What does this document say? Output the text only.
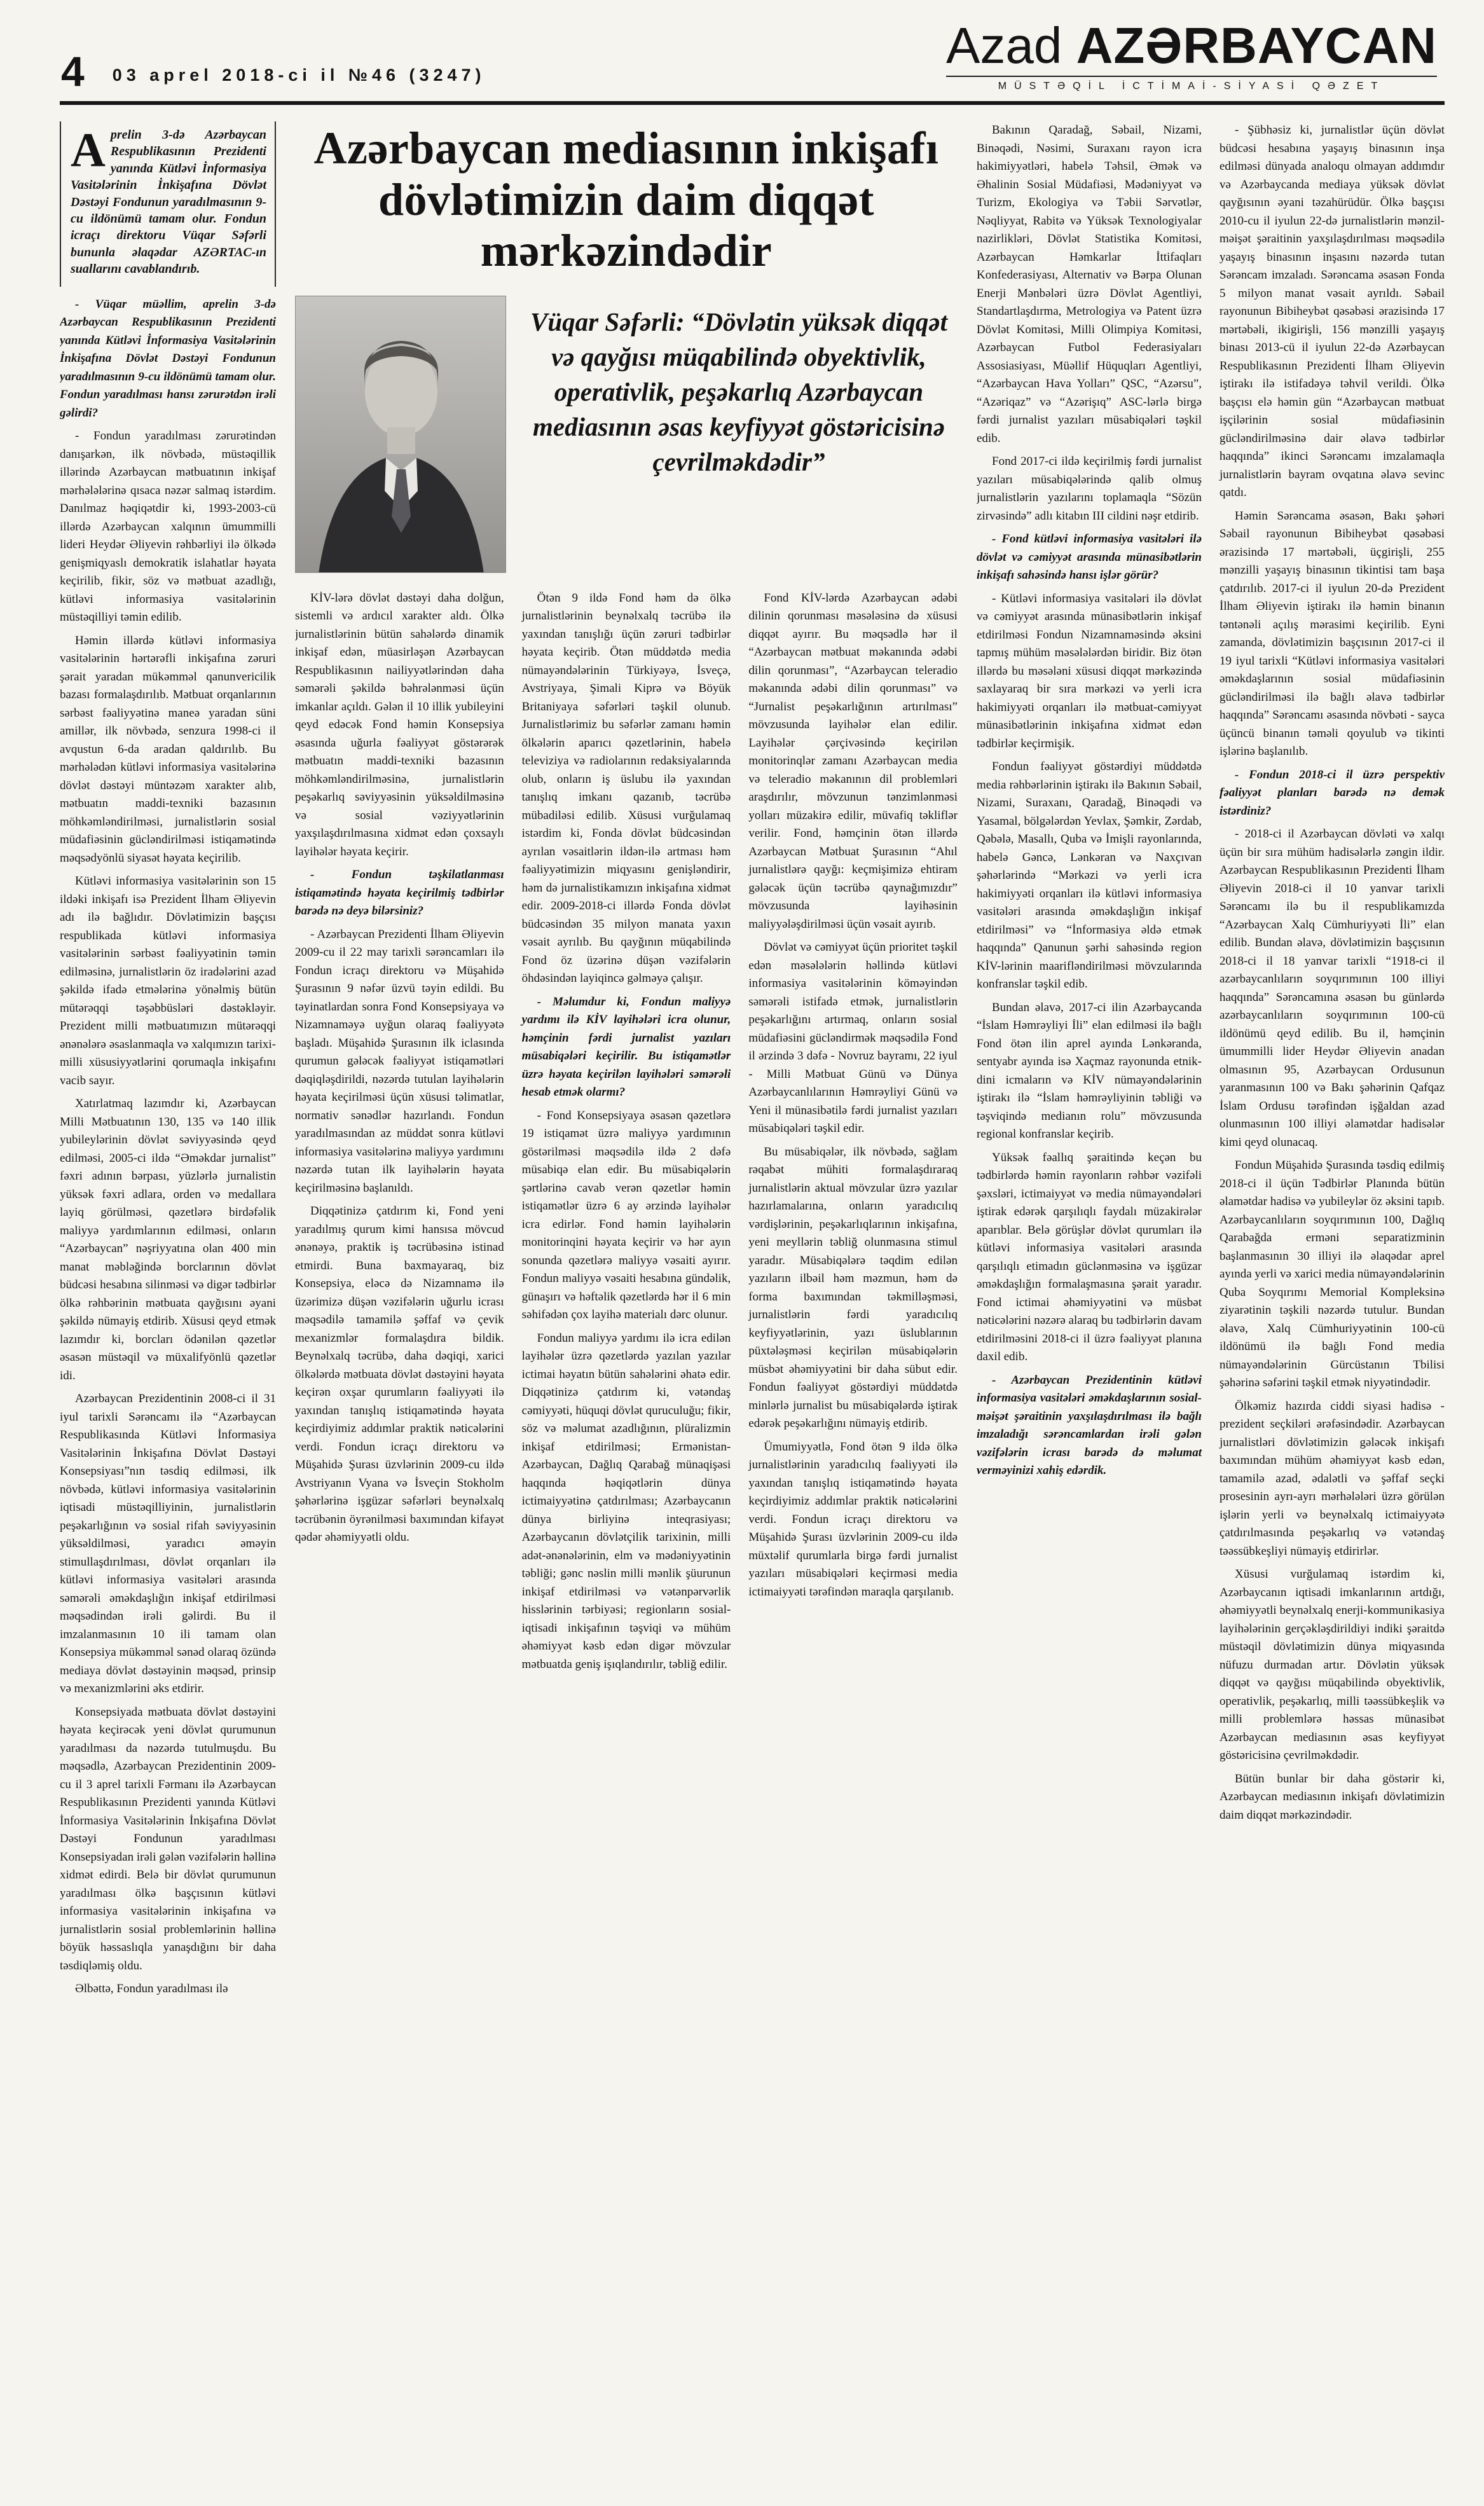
4 03 aprel 2018-ci il №46 (3247)
Azad AZƏRBAYCAN
MÜSTƏQİL İCTİMAİ-SİYASİ QƏZET
Aprelin 3-də Azərbaycan Respublikasının Prezidenti yanında Kütləvi İnformasiya Vasitələrinin İnkişafına Dövlət Dəstəyi Fondunun yaradılmasının 9-cu ildönümü tamam olur. Fondun icraçı direktoru Vüqar Səfərli bununla əlaqədar AZƏRTAC-ın suallarını cavablandırıb.

- Vüqar müəllim, aprelin 3-də Azərbaycan Respublikasının Prezidenti yanında Kütləvi İnformasiya Vasitələrinin İnkişafına Dövlət Dəstəyi Fondunun yaradılmasının 9-cu ildönümü tamam olur. Fondun yaradılması hansı zərurətdən irəli gəlirdi?

- Fondun yaradılması zərurətindən danışarkən, ilk növbədə, müstəqillik illərində Azərbaycan mətbuatının inkişaf mərhələlərinə qısaca nəzər salmaq istərdim. Danılmaz həqiqətdir ki, 1993-2003-cü illərdə Azərbaycan xalqının ümummilli lideri Heydər Əliyevin rəhbərliyi ilə ölkədə genişmiqyaslı demokratik islahatlar həyata keçirilib, fikir, söz və mətbuat azadlığı, kütləvi informasiya vasitələrinin müstəqilliyi təmin edilib.

Həmin illərdə kütləvi informasiya vasitələrinin hərtərəfli inkişafına zəruri şərait yaradan mükəmməl qanunvericilik bazası formalaşdırılıb. Mətbuat orqanlarının sərbəst fəaliyyətinə maneə yaradan süni amillər, ilk növbədə, senzura 1998-ci il avqustun 6-da aradan qaldırılıb. Bu mərhələdən kütləvi informasiya vasitələrinə dövlət dəstəyi müntəzəm xarakter alıb, mətbuatın maddi-texniki bazasının möhkəmləndirilməsi, jurnalistlərin sosial müdafiəsinin gücləndirilməsi istiqamətində məqsədyönlü siyasət həyata keçirilib.

Kütləvi informasiya vasitələrinin son 15 ildəki inkişafı isə Prezident İlham Əliyevin adı ilə bağlıdır. Dövlətimizin başçısı respublikada kütləvi informasiya vasitələrinin sərbəst fəaliyyətinin təmin edilməsinə, jurnalistlərin öz iradələrini azad şəkildə ifadə etmələrinə yönəlmiş bütün mütərəqqi təşəbbüsləri dəstəkləyir. Prezident milli mətbuatımızın mütərəqqi ənənələrə əsaslanmaqla və xalqımızın tarixi-milli xüsusiyyətlərini qorumaqla inkişafını vacib sayır.

Xatırlatmaq lazımdır ki, Azərbaycan Milli Mətbuatının 130, 135 və 140 illik yubileylərinin dövlət səviyyəsində qeyd edilməsi, 2005-ci ildə “Əməkdar jurnalist” fəxri adının bərpası, yüzlərlə jurnalistin yüksək fəxri adlara, orden və medallara layiq görülməsi, qəzetlərə birdəfəlik maliyyə yardımlarının edilməsi, onların “Azərbaycan” nəşriyyatına olan 400 min manat məbləğində borclarının dövlət büdcəsi hesabına silinməsi və digər tədbirlər ölkə rəhbərinin mətbuata qayğısını əyani şəkildə nümayiş etdirib. Xüsusi qeyd etmək lazımdır ki, borcları ödənilən qəzetlər əsasən müstəqil və müxalifyönlü qəzetlər idi.

Azərbaycan Prezidentinin 2008-ci il 31 iyul tarixli Sərəncamı ilə “Azərbaycan Respublikasında Kütləvi İnformasiya Vasitələrinin İnkişafına Dövlət Dəstəyi Konsepsiyası”nın təsdiq edilməsi, ilk növbədə, kütləvi informasiya vasitələrinin iqtisadi müstəqilliyinin, jurnalistlərin peşəkarlığının və sosial rifah səviyyəsinin yüksəldilməsi, yaradıcı əməyin stimullaşdırılması, dövlət orqanları ilə kütləvi informasiya vasitələri arasında səmərəli əməkdaşlığın inkişaf etdirilməsi məqsədindən irəli gəlirdi. Bu il imzalanmasının 10 ili tamam olan Konsepsiya mükəmməl sənəd olaraq özündə mediaya dövlət dəstəyinin məqsəd, prinsip və mexanizmlərini əks etdirir.

Konsepsiyada mətbuata dövlət dəstəyini həyata keçirəcək yeni dövlət qurumunun yaradılması da nəzərdə tutulmuşdu. Bu məqsədlə, Azərbaycan Prezidentinin 2009-cu il 3 aprel tarixli Fərmanı ilə Azərbaycan Respublikasının Prezidenti yanında Kütləvi İnformasiya Vasitələrinin İnkişafına Dövlət Dəstəyi Fondunun yaradılması Konsepsiyadan irəli gələn vəzifələrin həllinə xidmət edirdi. Belə bir dövlət qurumunun yaradılması ölkə başçısının kütləvi informasiya vasitələrinin inkişafına və jurnalistlərin sosial problemlərinin həllinə böyük həssaslıqla yanaşdığını bir daha təsdiqləmiş oldu.

Əlbəttə, Fondun yaradılması ilə

Azərbaycan mediasının inkişafı dövlətimizin daim diqqət mərkəzindədir
Vüqar Səfərli: “Dövlətin yüksək diqqət və qayğısı müqabilində obyektivlik, operativlik, peşəkarlıq Azərbaycan mediasının əsas keyfiyyət göstəricisinə çevrilməkdədir”

KİV-lərə dövlət dəstəyi daha dolğun, sistemli və ardıcıl xarakter aldı. Ölkə jurnalistlərinin bütün sahələrdə dinamik inkişaf edən, müasirləşən Azərbaycan Respublikasının nailiyyətlərindən daha səmərəli şəkildə bəhrələnməsi üçün imkanlar açıldı. Gələn il 10 illik yubileyini qeyd edəcək Fond həmin Konsepsiya əsasında uğurla fəaliyyət göstərərək mətbuatın maddi-texniki bazasının möhkəmləndirilməsinə, jurnalistlərin peşəkarlıq səviyyəsinin yüksəldilməsinə və sosial vəziyyətlərinin yaxşılaşdırılmasına xidmət edən çoxsaylı layihələr həyata keçirir.

- Fondun təşkilatlanması istiqamətində həyata keçirilmiş tədbirlər barədə nə deyə bilərsiniz?

- Azərbaycan Prezidenti İlham Əliyevin 2009-cu il 22 may tarixli sərəncamları ilə Fondun icraçı direktoru və Müşahidə Şurasının 9 nəfər üzvü təyin edildi. Bu təyinatlardan sonra Fond Konsepsiyaya və Nizamnaməyə uyğun olaraq fəaliyyətə başladı. Müşahidə Şurasının ilk iclasında qurumun gələcək fəaliyyət istiqamətləri dəqiqləşdirildi, nəzərdə tutulan layihələrin həyata keçirilməsi üçün xüsusi təlimatlar, normativ sənədlər hazırlandı. Fondun yaradılmasından az müddət sonra kütləvi informasiya vasitələrinə maliyyə yardımını nəzərdə tutan ilk layihələrin həyata keçirilməsinə başlanıldı.

Diqqətinizə çatdırım ki, Fond yeni yaradılmış qurum kimi hansısa mövcud ənənəyə, praktik iş təcrübəsinə istinad etmirdi. Buna baxmayaraq, biz Konsepsiya, eləcə də Nizamnamə ilə üzərimizə düşən vəzifələrin uğurlu icrası məqsədilə tamamilə şəffaf və çevik mexanizmlər formalaşdıra bildik. Beynəlxalq təcrübə, daha dəqiqi, xarici ölkələrdə mətbuata dövlət dəstəyini həyata keçirən oxşar qurumların fəaliyyəti ilə yaxından tanışlıq istiqamətində həyata keçirdiyimiz addımlar praktik nəticələrini verdi. Fondun icraçı direktoru və Müşahidə Şurası üzvlərinin 2009-cu ildə Avstriyanın Vyana və İsveçin Stokholm şəhərlərinə işgüzar səfərləri beynəlxalq təcrübənin öyrənilməsi baxımından kifayət qədər əhəmiyyətli oldu.

Ötən 9 ildə Fond həm də ölkə jurnalistlərinin beynəlxalq təcrübə ilə yaxından tanışlığı üçün zəruri tədbirlər həyata keçirib. Ötən müddətdə media nümayəndələrinin Türkiyəyə, İsveçə, Avstriyaya, Şimali Kiprə və Böyük Britaniyaya səfərləri təşkil olunub. Jurnalistlərimiz bu səfərlər zamanı həmin ölkələrin aparıcı qəzetlərinin, habelə televiziya və radiolarının redaksiyalarında olub, onların iş üslubu ilə yaxından tanışlıq imkanı qazanıb, təcrübə mübadiləsi edilib. Xüsusi vurğulamaq istərdim ki, Fonda dövlət büdcəsindən ayrılan vəsaitlərin ildən-ilə artması həm fəaliyyətimizin miqyasını genişləndirir, həm də jurnalistikamızın inkişafına xidmət edir. 2009-2018-ci illərdə Fonda dövlət büdcəsindən 35 milyon manata yaxın vəsait ayrılıb. Bu qayğının müqabilində Fond öz üzərinə düşən vəzifələrin öhdəsindən layiqincə gəlməyə çalışır.

- Məlumdur ki, Fondun maliyyə yardımı ilə KİV layihələri icra olunur, həmçinin fərdi jurnalist yazıları müsabiqələri keçirilir. Bu istiqamətlər üzrə həyata keçirilən layihələri səmərəli hesab etmək olarmı?

- Fond Konsepsiyaya əsasən qəzetlərə 19 istiqamət üzrə maliyyə yardımının göstərilməsi məqsədilə ildə 2 dəfə müsabiqə elan edir. Bu müsabiqələrin şərtlərinə cavab verən qəzetlər həmin istiqamətlər üzrə 6 ay ərzində layihələr icra edirlər. Fond həmin layihələrin monitorinqini həyata keçirir və hər ayın sonunda qəzetlərə maliyyə vəsaiti ayırır. Fondun maliyyə vəsaiti hesabına gündəlik, günaşırı və həftəlik qəzetlərdə hər il 6 min səhifədən çox layihə materialı dərc olunur.

Fondun maliyyə yardımı ilə icra edilən layihələr üzrə qəzetlərdə yazılan yazılar ictimai həyatın bütün sahələrini əhatə edir. Diqqətinizə çatdırım ki, vətəndaş cəmiyyəti, hüquqi dövlət quruculuğu; fikir, söz və məlumat azadlığının, plüralizmin inkişaf etdirilməsi; Ermənistan-Azərbaycan, Dağlıq Qarabağ münaqişəsi haqqında həqiqətlərin dünya ictimaiyyətinə çatdırılması; Azərbaycanın dünya birliyinə inteqrasiyası; Azərbaycanın dövlətçilik tarixinin, milli adət-ənənələrinin, elm və mədəniyyətinin təbliği; gənc nəslin milli mənlik şüurunun inkişaf etdirilməsi və vətənpərvərlik hisslərinin tərbiyəsi; regionların sosial-iqtisadi inkişafının təşviqi və mühüm əhəmiyyət kəsb edən digər mövzular mətbuatda geniş işıqlandırılır, təbliğ edilir.

Fond KİV-lərdə Azərbaycan ədəbi dilinin qorunması məsələsinə də xüsusi diqqət ayırır. Bu məqsədlə hər il “Azərbaycan mətbuat məkanında ədəbi dilin qorunması”, “Azərbaycan teleradio məkanında ədəbi dilin qorunması” və “Jurnalist peşəkarlığının artırılması” mövzusunda layihələr elan edilir. Layihələr çərçivəsində keçirilən monitorinqlər zamanı Azərbaycan media və teleradio məkanının dil problemləri araşdırılır, mövzunun tənzimlənməsi yolları müzakirə edilir, müvafiq təkliflər verilir. Fond, həmçinin ötən illərdə Azərbaycan Mətbuat Şurasının “Ahıl jurnalistlərə qayğı: keçmişimizə ehtiram gələcək üçün təcrübə qaynağımızdır” mövzusunda layihəsinin maliyyələşdirilməsi üçün vəsait ayırıb.

Dövlət və cəmiyyət üçün prioritet təşkil edən məsələlərin həllində kütləvi informasiya vasitələrinin köməyindən səmərəli istifadə etmək, jurnalistlərin peşəkarlığını artırmaq, onların sosial müdafiəsini gücləndirmək məqsədilə Fond il ərzində 3 dəfə - Novruz bayramı, 22 iyul - Milli Mətbuat Günü və Dünya Azərbaycanlılarının Həmrəyliyi Günü və Yeni il münasibətilə fərdi jurnalist yazıları müsabiqələri təşkil edir.

Bu müsabiqələr, ilk növbədə, sağlam rəqabət mühiti formalaşdıraraq jurnalistlərin aktual mövzular üzrə yazılar hazırlamalarına, onların yaradıcılıq vərdişlərinin, peşəkarlıqlarının inkişafına, yeni meyllərin təbliğ olunmasına stimul yaradır. Müsabiqələrə təqdim edilən yazıların ilbəil həm məzmun, həm də forma baxımından təkmilləşməsi, jurnalistlərin fərdi yaradıcılıq keyfiyyətlərinin, yazı üslublarının püxtələşməsi keçirilən müsabiqələrin müsbət əhəmiyyətini bir daha sübut edir. Fondun fəaliyyət göstərdiyi müddətdə minlərlə jurnalist bu müsabiqələrdə iştirak edərək peşəkarlığını nümayiş etdirib.

Ümumiyyətlə, Fond ötən 9 ildə ölkə jurnalistlərinin yaradıcılıq fəaliyyəti ilə yaxından tanışlıq istiqamətində həyata keçirdiyimiz addımlar praktik nəticələrini verdi. Fondun icraçı direktoru və Müşahidə Şurası üzvlərinin 2009-cu ildə müxtəlif qurumlarla birgə fərdi jurnalist yazıları müsabiqələri keçirməsi media ictimaiyyəti tərəfindən maraqla qarşılanıb.

Bakının Qaradağ, Səbail, Nizami, Binəqədi, Nəsimi, Suraxanı rayon icra hakimiyyətləri, habelə Təhsil, Əmək və Əhalinin Sosial Müdafiəsi, Mədəniyyət və Turizm, Ekologiya və Təbii Sərvətlər, Nəqliyyat, Rabitə və Yüksək Texnologiyalar nazirlikləri, Dövlət Statistika Komitəsi, Azərbaycan Həmkarlar İttifaqları Konfederasiyası, Alternativ və Bərpa Olunan Enerji Mənbələri üzrə Dövlət Agentliyi, Standartlaşdırma, Metrologiya və Patent üzrə Dövlət Komitəsi, Milli Olimpiya Komitəsi, Azərbaycan Futbol Federasiyaları Assosiasiyası, Müəllif Hüquqları Agentliyi, “Azərbaycan Hava Yolları” QSC, “Azərsu”, “Azəriqaz” və “Azərişıq” ASC-lərlə birgə fərdi jurnalist yazıları müsabiqələri təşkil edib.

Fond 2017-ci ildə keçirilmiş fərdi jurnalist yazıları müsabiqələrində qalib olmuş jurnalistlərin yazılarını toplamaqla “Sözün zirvəsində” adlı kitabın III cildini nəşr etdirib.

- Fond kütləvi informasiya vasitələri ilə dövlət və cəmiyyət arasında münasibətlərin inkişafı sahəsində hansı işlər görür?

- Kütləvi informasiya vasitələri ilə dövlət və cəmiyyət arasında münasibətlərin inkişaf etdirilməsi Fondun Nizamnaməsində əksini tapmış mühüm məsələlərdən biridir. Biz ötən illərdə bu məsələni xüsusi diqqət mərkəzində saxlayaraq bir sıra mərkəzi və yerli icra hakimiyyəti orqanları ilə mətbuat-cəmiyyət münasibətlərinin inkişafına xidmət edən tədbirlər keçirmişik.

Fondun fəaliyyət göstərdiyi müddətdə media rəhbərlərinin iştirakı ilə Bakının Səbail, Nizami, Suraxanı, Qaradağ, Binəqədi və Yasamal, bölgələrdən Yevlax, Şəmkir, Zərdab, Qəbələ, Masallı, Quba və İmişli rayonlarında, habelə Gəncə, Lənkəran və Naxçıvan şəhərlərində “Mərkəzi və yerli icra hakimiyyəti orqanları ilə kütləvi informasiya vasitələri arasında əməkdaşlığın inkişaf etdirilməsi” və “İnformasiya əldə etmək haqqında” Qanunun şərhi sahəsində region KİV-lərinin maarifləndirilməsi mövzularında konfranslar təşkil edib.

Bundan əlavə, 2017-ci ilin Azərbaycanda “İslam Həmrəyliyi İli” elan edilməsi ilə bağlı Fond ötən ilin aprel ayında Lənkəranda, sentyabr ayında isə Xaçmaz rayonunda etnik-dini icmaların və KİV nümayəndələrinin iştirakı ilə “İslam həmrəyliyinin təbliği və təşviqində medianın rolu” mövzusunda regional konfranslar keçirib.

Yüksək fəallıq şəraitində keçən bu tədbirlərdə həmin rayonların rəhbər vəzifəli şəxsləri, ictimaiyyət və media nümayəndələri iştirak edərək qarşılıqlı faydalı müzakirələr aparıblar. Belə görüşlər dövlət qurumları ilə kütləvi informasiya vasitələri arasında qarşılıqlı etimadın güclənməsinə və işgüzar əməkdaşlığın formalaşmasına şərait yaradır. Fond ictimai əhəmiyyətini və müsbət nəticələrini nəzərə alaraq bu tədbirlərin davam etdirilməsini 2018-ci il üzrə fəaliyyət planına daxil edib.

- Azərbaycan Prezidentinin kütləvi informasiya vasitələri əməkdaşlarının sosial-məişət şəraitinin yaxşılaşdırılması ilə bağlı imzaladığı sərəncamlardan irəli gələn vəzifələrin icrası barədə də məlumat verməyinizi xahiş edərdik.

- Şübhəsiz ki, jurnalistlər üçün dövlət büdcəsi hesabına yaşayış binasının inşa edilməsi dünyada analoqu olmayan addımdır və Azərbaycanda mediaya yüksək dövlət qayğısının əyani təzahürüdür. Ölkə başçısı 2010-cu il iyulun 22-də jurnalistlərin mənzil-məişət şəraitinin yaxşılaşdırılması məqsədilə yaşayış binasının inşasını nəzərdə tutan Sərəncam imzaladı. Sərəncama əsasən Fonda 5 milyon manat vəsait ayrıldı. Səbail rayonunun Bibiheybət qəsəbəsi ərazisində 17 mərtəbəli, ikigirişli, 156 mənzilli yaşayış binası 2013-cü il iyulun 22-də Azərbaycan Respublikasının Prezidenti İlham Əliyevin iştirakı ilə istifadəyə təhvil verildi. Ölkə başçısı elə həmin gün “Azərbaycan mətbuat işçilərinin sosial müdafiəsinin gücləndirilməsinə dair əlavə tədbirlər haqqında” ikinci Sərəncamı imzalamaqla jurnalistlərin bayram ovqatına əlavə sevinc qatdı.

Həmin Sərəncama əsasən, Bakı şəhəri Səbail rayonunun Bibiheybət qəsəbəsi ərazisində 17 mərtəbəli, üçgirişli, 255 mənzilli yaşayış binasının tikintisi tam başa çatdırılıb. 2017-ci il iyulun 20-də Prezident İlham Əliyevin iştirakı ilə həmin binanın təntənəli açılış mərasimi keçirilib. Eyni zamanda, dövlətimizin başçısının 2017-ci il 19 iyul tarixli “Kütləvi informasiya vasitələri əməkdaşlarının sosial müdafiəsinin gücləndirilməsi ilə bağlı əlavə tədbirlər haqqında” Sərəncamı əsasında növbəti - sayca üçüncü binanın təməli qoyulub və tikinti işlərinə başlanılıb.

- Fondun 2018-ci il üzrə perspektiv fəaliyyət planları barədə nə demək istərdiniz?

- 2018-ci il Azərbaycan dövləti və xalqı üçün bir sıra mühüm hadisələrlə zəngin ildir. Azərbaycan Respublikasının Prezidenti İlham Əliyevin 2018-ci il 10 yanvar tarixli Sərəncamı ilə bu il respublikamızda “Azərbaycan Xalq Cümhuriyyəti İli” elan edilib. Bundan əlavə, dövlətimizin başçısının 2018-ci il 18 yanvar tarixli “1918-ci il azərbaycanlıların soyqırımının 100 illiyi haqqında” Sərəncamına əsasən bu günlərdə azərbaycanlıların soyqırımının 100-cü ildönümü qeyd edilib. Bu il, həmçinin ümummilli lider Heydər Əliyevin anadan olmasının 95, Azərbaycan Ordusunun yaranmasının 100 və Bakı şəhərinin Qafqaz İslam Ordusu tərəfindən işğaldan azad olunmasının 100 illiyi əlamətdar hadisələr kimi qeyd olunacaq.

Fondun Müşahidə Şurasında təsdiq edilmiş 2018-ci il üçün Tədbirlər Planında bütün əlamətdar hadisə və yubileylər öz əksini tapıb. Azərbaycanlıların soyqırımının 100, Dağlıq Qarabağda erməni separatizminin başlanmasının 30 illiyi ilə əlaqədar aprel ayında yerli və xarici media nümayəndələrinin Quba Soyqırımı Memorial Kompleksinə ziyarətinin təşkili nəzərdə tutulur. Bundan əlavə, Xalq Cümhuriyyətinin 100-cü ildönümü ilə bağlı Fond media nümayəndələrinin Gürcüstanın Tbilisi şəhərinə səfərini təşkil etmək niyyətindədir.

Ölkəmiz hazırda ciddi siyasi hadisə - prezident seçkiləri ərəfəsindədir. Azərbaycan jurnalistləri dövlətimizin gələcək inkişafı baxımından mühüm əhəmiyyət kəsb edən, tamamilə azad, ədalətli və şəffaf seçki prosesinin ayrı-ayrı mərhələləri üzrə görülən işlərin yerli və beynəlxalq ictimaiyyətə çatdırılmasında peşəkarlıq və vətəndaş təəssübkeşliyi nümayiş etdirirlər.

Xüsusi vurğulamaq istərdim ki, Azərbaycanın iqtisadi imkanlarının artdığı, əhəmiyyətli beynəlxalq enerji-kommunikasiya layihələrinin gerçəkləşdirildiyi indiki şəraitdə müstəqil dövlətimizin dünya miqyasında nüfuzu durmadan artır. Dövlətin yüksək diqqət və qayğısı müqabilində obyektivlik, operativlik, peşəkarlıq, milli təəssübkeşlik və milli problemlərə həssas münasibət Azərbaycan mediasının əsas keyfiyyət göstəricisinə çevrilməkdədir.

Bütün bunlar bir daha göstərir ki, Azərbaycan mediasının inkişafı dövlətimizin daim diqqət mərkəzindədir.
